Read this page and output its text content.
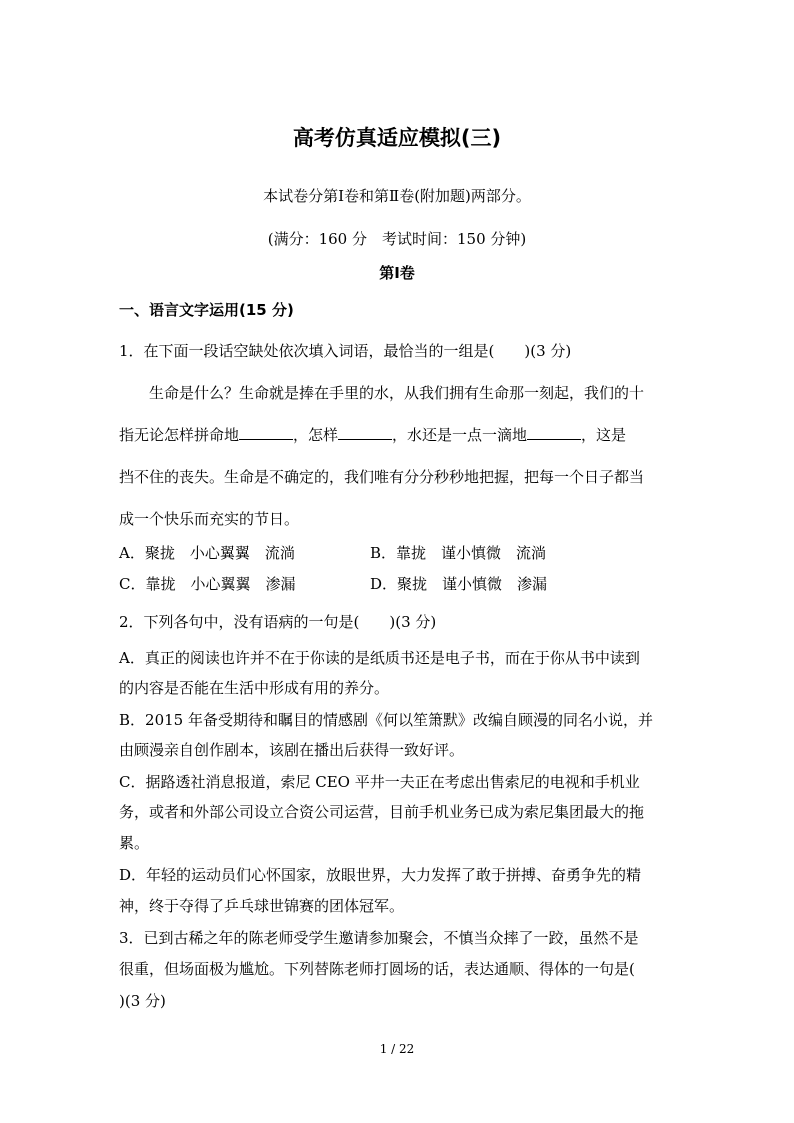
高考仿真适应模拟(三)
本试卷分第Ⅰ卷和第Ⅱ卷(附加题)两部分。
(满分：160 分　考试时间：150 分钟)
第Ⅰ卷
一、语言文字运用(15 分)
1．在下面一段话空缺处依次填入词语，最恰当的一组是(　　)(3 分)
生命是什么？生命就是捧在手里的水，从我们拥有生命那一刻起，我们的十
指无论怎样拼命地	，怎样	，水还是一点一滴地	，这是
挡不住的丧失。生命是不确定的，我们唯有分分秒秒地把握，把每一个日子都当
成一个快乐而充实的节日。
A．聚拢　小心翼翼　流淌	B．靠拢　谨小慎微　流淌
C．靠拢　小心翼翼　渗漏	D．聚拢　谨小慎微　渗漏
2．下列各句中，没有语病的一句是(　　)(3 分)
A．真正的阅读也许并不在于你读的是纸质书还是电子书，而在于你从书中读到
的内容是否能在生活中形成有用的养分。
B．2015 年备受期待和瞩目的情感剧《何以笙箫默》改编自顾漫的同名小说，并
由顾漫亲自创作剧本，该剧在播出后获得一致好评。
C．据路透社消息报道，索尼 CEO 平井一夫正在考虑出售索尼的电视和手机业
务，或者和外部公司设立合资公司运营，目前手机业务已成为索尼集团最大的拖
累。
D．年轻的运动员们心怀国家，放眼世界，大力发挥了敢于拼搏、奋勇争先的精
神，终于夺得了乒乓球世锦赛的团体冠军。
3．已到古稀之年的陈老师受学生邀请参加聚会，不慎当众摔了一跤，虽然不是
很重，但场面极为尴尬。下列替陈老师打圆场的话，表达通顺、得体的一句是(
)(3 分)
1 / 22
